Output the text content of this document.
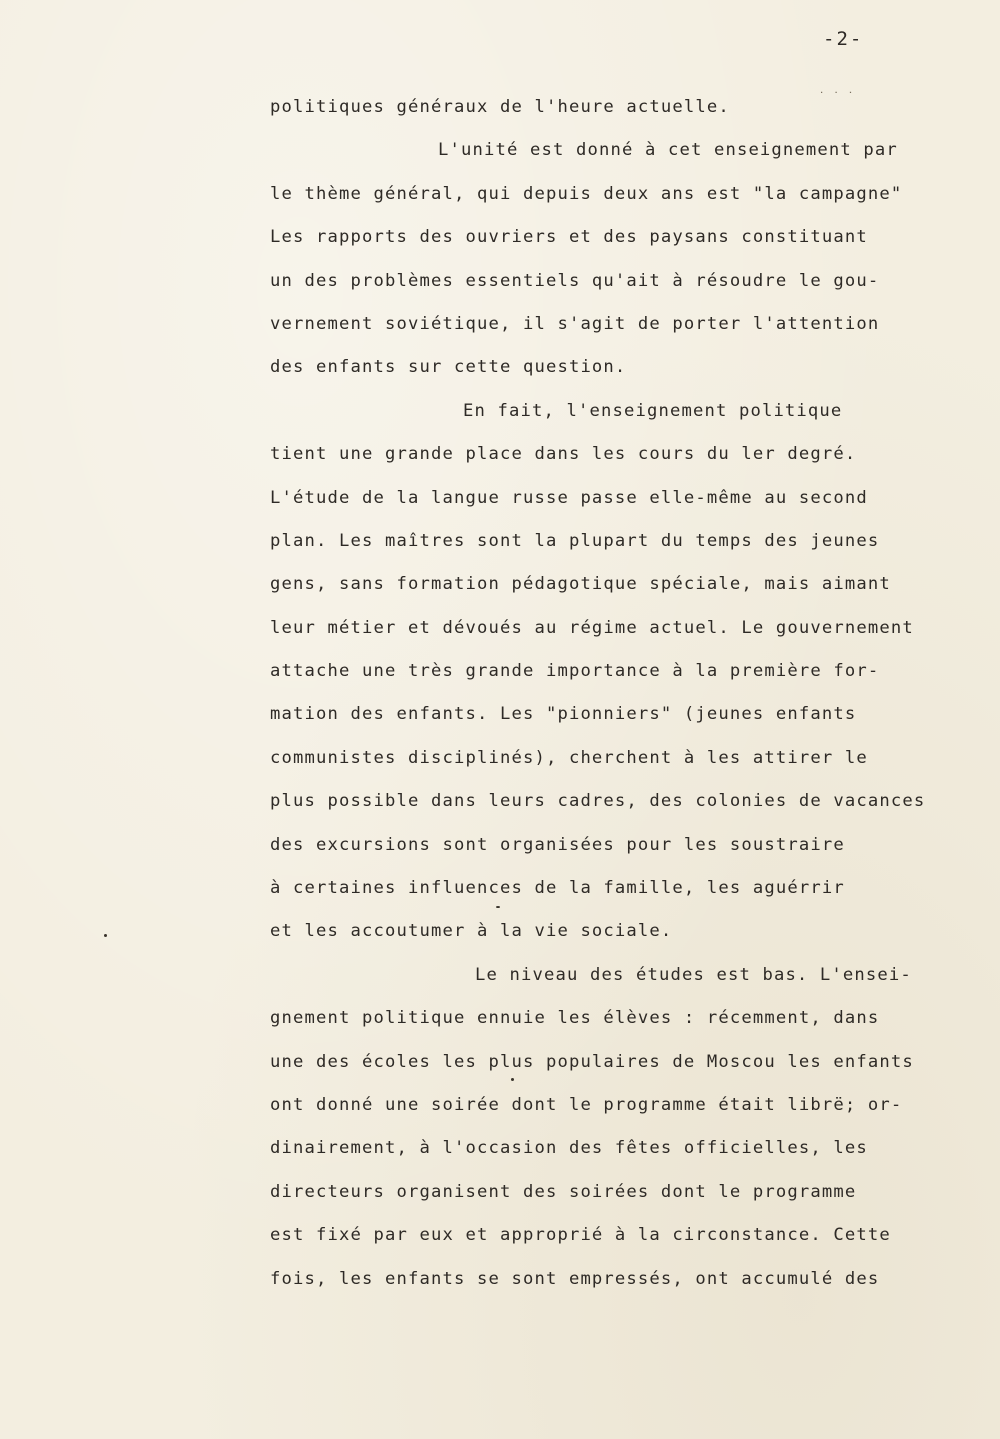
-2-
politiques généraux de l'heure actuelle.
L'unité est donné à cet enseignement par
le thème général, qui depuis deux ans est "la campagne"
Les rapports des ouvriers et des paysans constituant
un des problèmes essentiels qu'ait à résoudre le gou-
vernement soviétique, il s'agit de porter l'attention
des enfants sur cette question.
En fait, l'enseignement politique
tient une grande place dans les cours du ler degré.
L'étude de la langue russe passe elle-même au second
plan. Les maîtres sont la plupart du temps des jeunes
gens, sans formation pédagotique spéciale, mais aimant
leur métier et dévoués au régime actuel. Le gouvernement
attache une très grande importance à la première for-
mation des enfants. Les "pionniers" (jeunes enfants
communistes disciplinés), cherchent à les attirer le
plus possible dans leurs cadres, des colonies de vacances
des excursions sont organisées pour les soustraire
à certaines influences de la famille, les aguérrir
et les accoutumer à la vie sociale.
Le niveau des études est bas. L'ensei-
gnement politique ennuie les élèves : récemment, dans
une des écoles les plus populaires de Moscou les enfants
ont donné une soirée dont le programme était librë; or-
dinairement, à l'occasion des fêtes officielles, les
directeurs organisent des soirées dont le programme
est fixé par eux et approprié à la circonstance. Cette
fois, les enfants se sont empressés, ont accumulé des
˙ ˙ ˙
